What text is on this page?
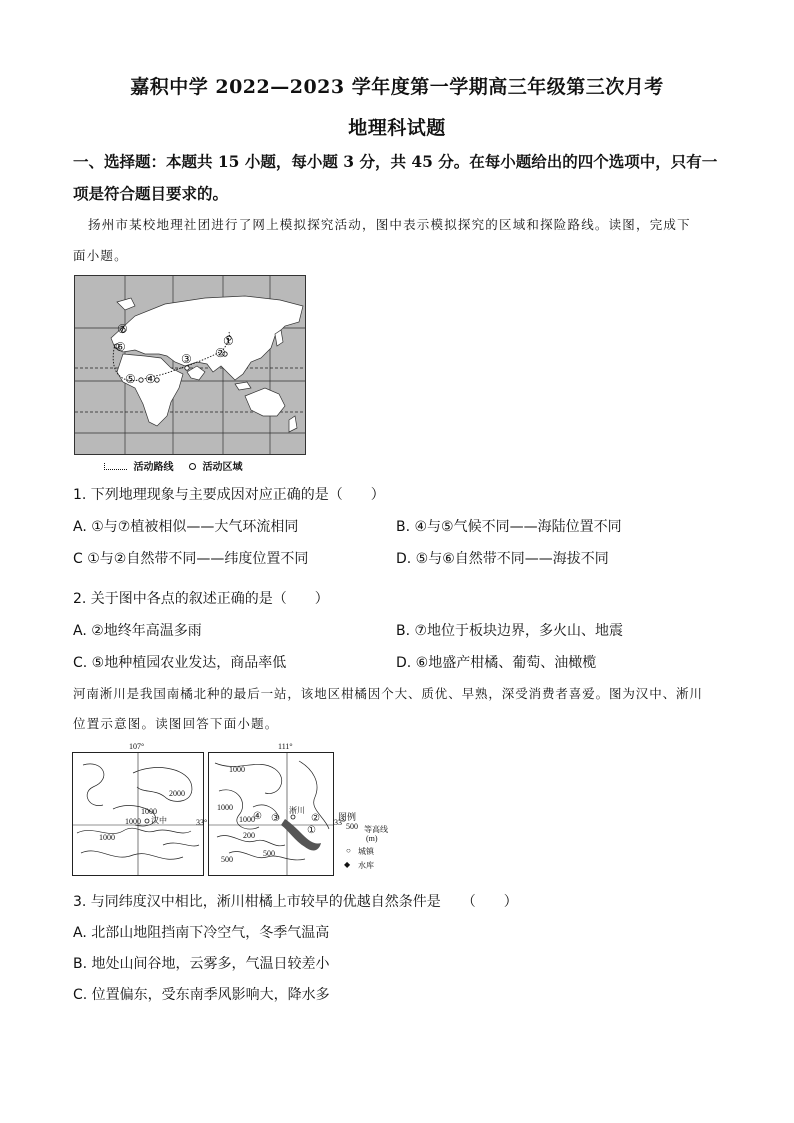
嘉积中学 2022—2023 学年度第一学期高三年级第三次月考
地理科试题
一、选择题：本题共 15 小题，每小题 3 分，共 45 分。在每小题给出的四个选项中，只有一
项是符合题目要求的。
扬州市某校地理社团进行了网上模拟探究活动，图中表示模拟探究的区域和探险路线。读图，完成下
面小题。
①
②
③
④
⑤
⑥
⑦
活动路线	活动区域
1. 下列地理现象与主要成因对应正确的是（　　）
A. ①与⑦植被相似——大气环流相同	B. ④与⑤气候不同——海陆位置不同
C ①与②自然带不同——纬度位置不同	D. ⑤与⑥自然带不同——海拔不同
2. 关于图中各点的叙述正确的是（　　）
A. ②地终年高温多雨	B. ⑦地位于板块边界，多火山、地震
C. ⑤地种植园农业发达，商品率低	D. ⑥地盛产柑橘、葡萄、油橄榄
河南淅川是我国南橘北种的最后一站，该地区柑橘因个大、质优、早熟，深受消费者喜爱。图为汉中、淅川
位置示意图。读图回答下面小题。
107°	111°
2000
1000
1000 汉中
1000
33°
1000
1000
1000
200
500
淅川
500
①
②
③
④
33°
图例
500 等高线
(m)
○ 城镇
◆ 水库
3. 与同纬度汉中相比，淅川柑橘上市较早的优越自然条件是　　（　　）
A. 北部山地阻挡南下冷空气，冬季气温高
B. 地处山间谷地，云雾多，气温日较差小
C. 位置偏东，受东南季风影响大，降水多
